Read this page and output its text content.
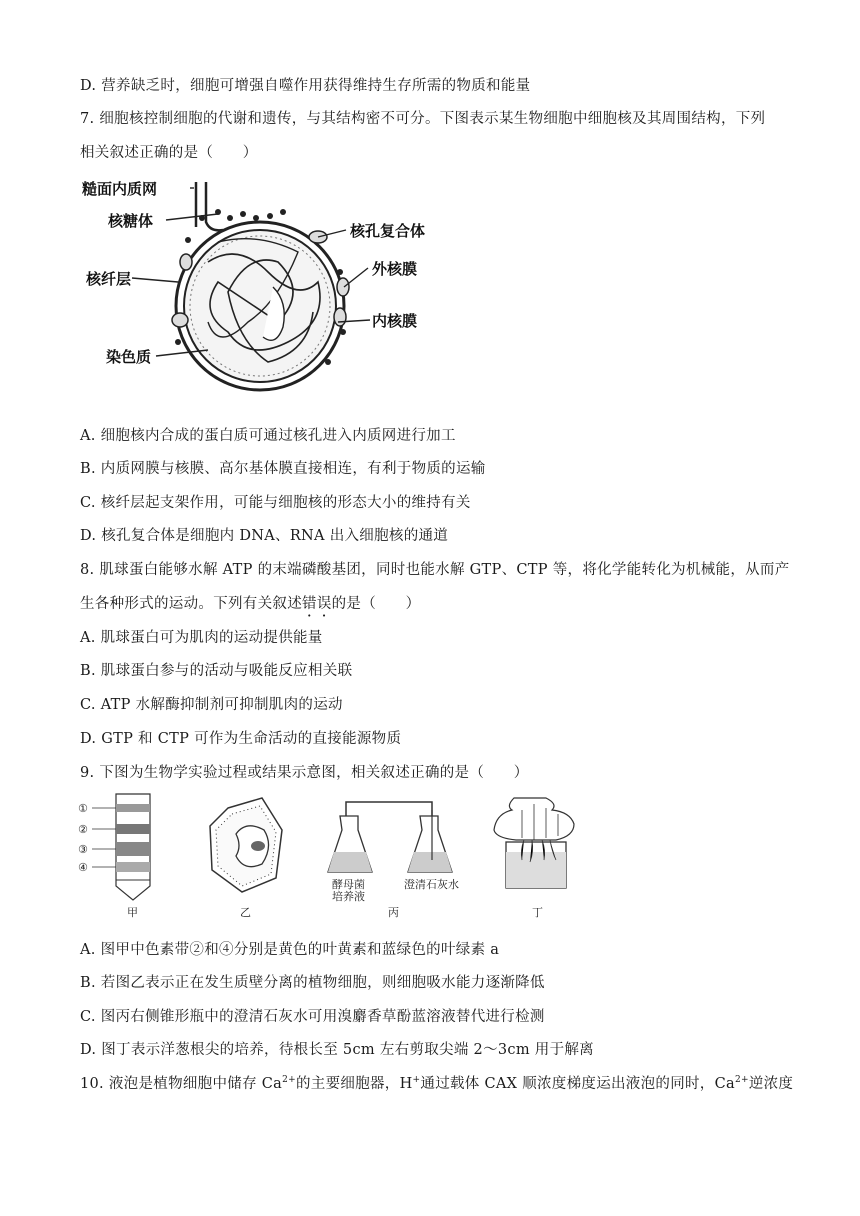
D. 营养缺乏时，细胞可增强自噬作用获得维持生存所需的物质和能量
7. 细胞核控制细胞的代谢和遗传，与其结构密不可分。下图表示某生物细胞中细胞核及其周围结构，下列
相关叙述正确的是（　　）
糙面内质网
核糖体
核纤层
染色质
核孔复合体
外核膜
内核膜
A. 细胞核内合成的蛋白质可通过核孔进入内质网进行加工
B. 内质网膜与核膜、高尔基体膜直接相连，有利于物质的运输
C. 核纤层起支架作用，可能与细胞核的形态大小的维持有关
D. 核孔复合体是细胞内 DNA、RNA 出入细胞核的通道
8. 肌球蛋白能够水解 ATP 的末端磷酸基团，同时也能水解 GTP、CTP 等，将化学能转化为机械能，从而产
生各种形式的运动。下列有关叙述错误的是（　　）
A. 肌球蛋白可为肌肉的运动提供能量
B. 肌球蛋白参与的活动与吸能反应相关联
C. ATP 水解酶抑制剂可抑制肌肉的运动
D. GTP 和 CTP 可作为生命活动的直接能源物质
9. 下图为生物学实验过程或结果示意图，相关叙述正确的是（　　）
①
②
③
④
甲	乙
酵母菌
培养液
澄清石灰水
丙	丁
A. 图甲中色素带②和④分别是黄色的叶黄素和蓝绿色的叶绿素 a
B. 若图乙表示正在发生质壁分离的植物细胞，则细胞吸水能力逐渐降低
C. 图丙右侧锥形瓶中的澄清石灰水可用溴麝香草酚蓝溶液替代进行检测
D. 图丁表示洋葱根尖的培养，待根长至 5cm 左右剪取尖端 2～3cm 用于解离
10. 液泡是植物细胞中储存 $Ca^{2+}$的主要细胞器，H+通过载体 CAX 顺浓度梯度运出液泡的同时，$Ca^{2+}$逆浓度
